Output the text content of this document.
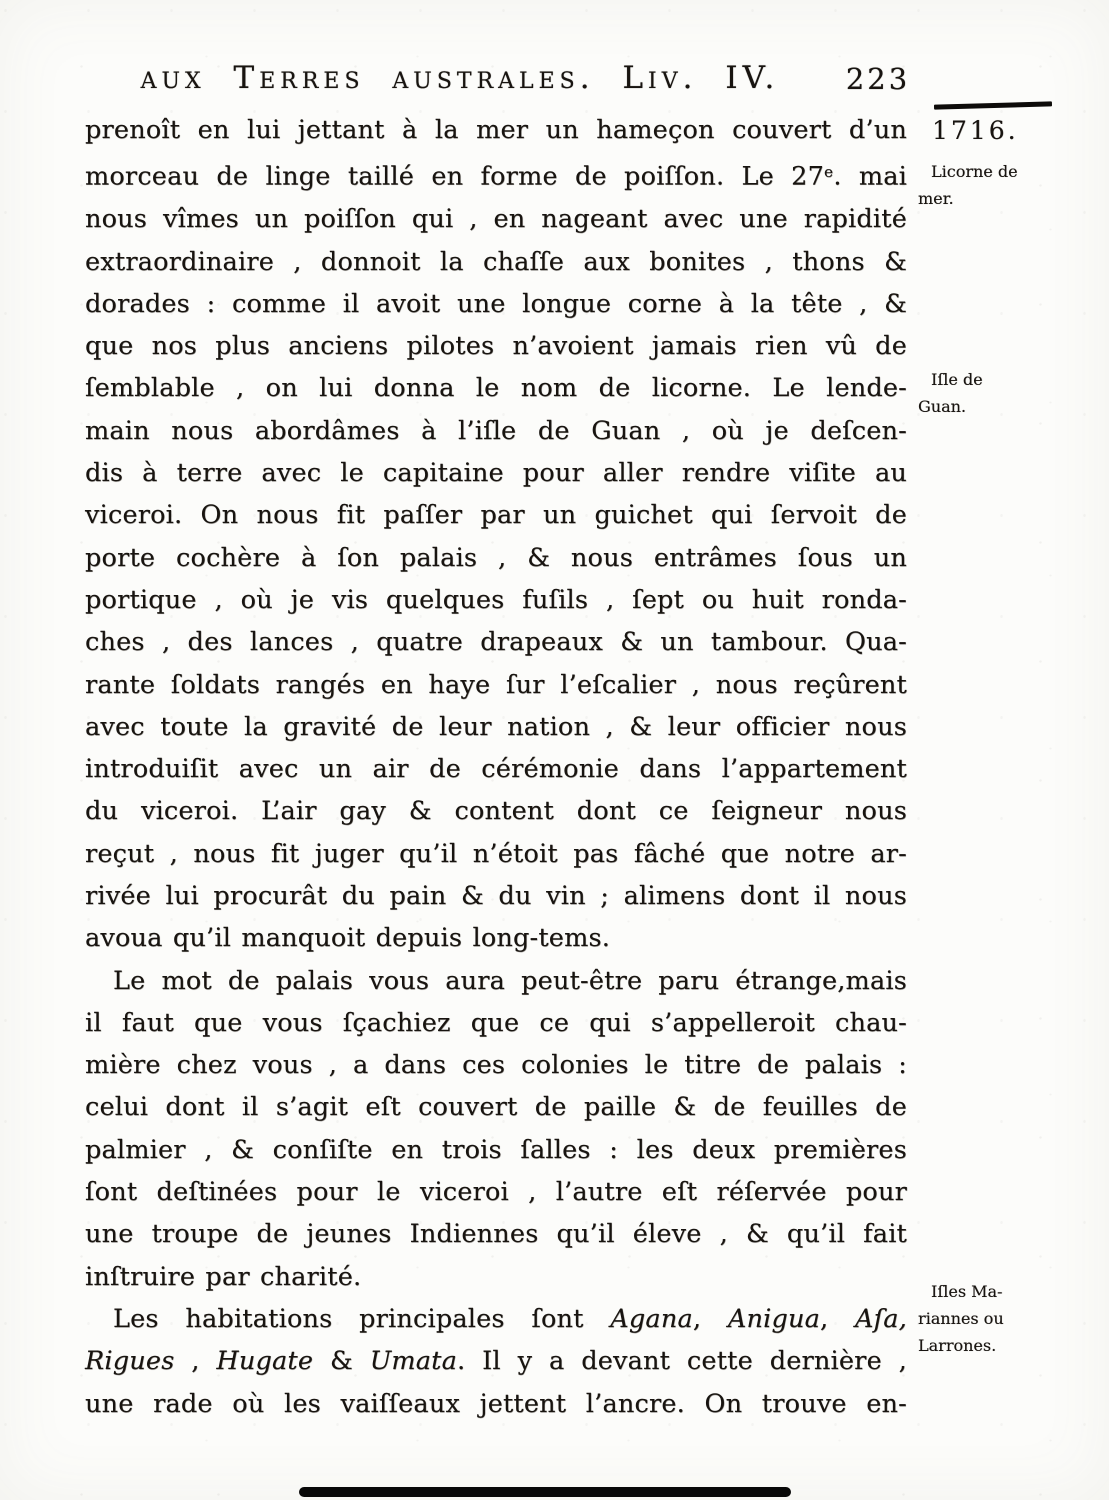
aux Terres australes. Liv. IV.	223
prenoît en lui jettant à la mer un hameçon couvert d’un
morceau de linge taillé en forme de poiſſon. Le 27e. mai
nous vîmes un poiſſon qui , en nageant avec une rapidité
extraordinaire , donnoit la chaſſe aux bonites , thons &
dorades : comme il avoit une longue corne à la tête , &
que nos plus anciens pilotes n’avoient jamais rien vû de
ſemblable , on lui donna le nom de licorne. Le lende-
main nous abordâmes à l’iſle de Guan , où je deſcen-
dis à terre avec le capitaine pour aller rendre viſite au
viceroi. On nous fit paſſer par un guichet qui ſervoit de
porte cochère à ſon palais , & nous entrâmes ſous un
portique , où je vis quelques fuſils , ſept ou huit ronda-
ches , des lances , quatre drapeaux & un tambour. Qua-
rante ſoldats rangés en haye ſur l’eſcalier , nous reçûrent
avec toute la gravité de leur nation , & leur officier nous
introduiſit avec un air de cérémonie dans l’appartement
du viceroi. L’air gay & content dont ce ſeigneur nous
reçut , nous fit juger qu’il n’étoit pas fâché que notre ar-
rivée lui procurât du pain & du vin ; alimens dont il nous
avoua qu’il manquoit depuis long-tems.
Le mot de palais vous aura peut-être paru étrange,mais
il faut que vous ſçachiez que ce qui s’appelleroit chau-
mière chez vous , a dans ces colonies le titre de palais :
celui dont il s’agit eſt couvert de paille & de feuilles de
palmier , & conſiſte en trois ſalles : les deux premières
ſont deſtinées pour le viceroi , l’autre eſt réſervée pour
une troupe de jeunes Indiennes qu’il éleve , & qu’il fait
inſtruire par charité.
Les habitations principales ſont Agana, Anigua, Aſa,
Rigues , Hugate & Umata. Il y a devant cette dernière ,
une rade où les vaiſſeaux jettent l’ancre. On trouve en-
1716.
Licorne de
mer.
Iſle de
Guan.
Iſles Ma-
riannes ou
Larrones.
